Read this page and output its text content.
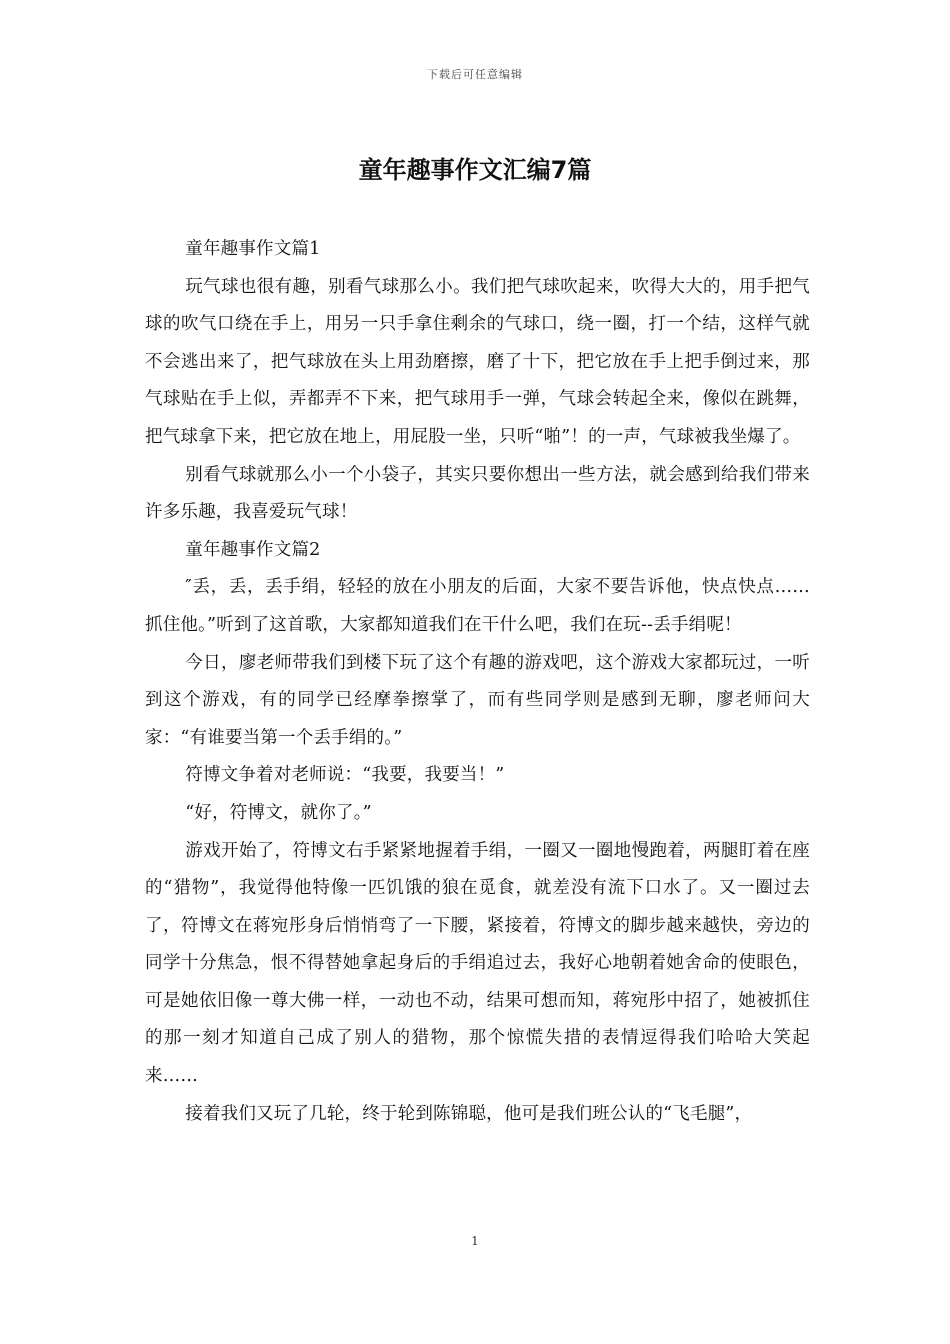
下载后可任意编辑
童年趣事作文汇编7篇

童年趣事作文篇1

玩气球也很有趣，别看气球那么小。我们把气球吹起来，吹得大大的，用手把气球的吹气口绕在手上，用另一只手拿住剩余的气球口，绕一圈，打一个结，这样气就不会逃出来了，把气球放在头上用劲磨擦，磨了十下，把它放在手上把手倒过来，那气球贴在手上似，弄都弄不下来，把气球用手一弹，气球会转起全来，像似在跳舞，把气球拿下来，把它放在地上，用屁股一坐，只听“啪”！的一声，气球被我坐爆了。

别看气球就那么小一个小袋子，其实只要你想出一些方法，就会感到给我们带来许多乐趣，我喜爱玩气球！

童年趣事作文篇2

″丢，丢，丢手绢，轻轻的放在小朋友的后面，大家不要告诉他，快点快点……抓住他。”听到了这首歌，大家都知道我们在干什么吧，我们在玩--丢手绢呢！

今日，廖老师带我们到楼下玩了这个有趣的游戏吧，这个游戏大家都玩过，一听到这个游戏，有的同学已经摩拳擦掌了，而有些同学则是感到无聊，廖老师问大家：“有谁要当第一个丢手绢的。”

符博文争着对老师说：“我要，我要当！”

“好，符博文，就你了。”

游戏开始了，符博文右手紧紧地握着手绢，一圈又一圈地慢跑着，两腿盯着在座的“猎物”，我觉得他特像一匹饥饿的狼在觅食，就差没有流下口水了。又一圈过去了，符博文在蒋宛彤身后悄悄弯了一下腰，紧接着，符博文的脚步越来越快，旁边的同学十分焦急，恨不得替她拿起身后的手绢追过去，我好心地朝着她舍命的使眼色，可是她依旧像一尊大佛一样，一动也不动，结果可想而知，蒋宛彤中招了，她被抓住的那一刻才知道自己成了别人的猎物，那个惊慌失措的表情逗得我们哈哈大笑起来……

接着我们又玩了几轮，终于轮到陈锦聪，他可是我们班公认的“飞毛腿”，

1
